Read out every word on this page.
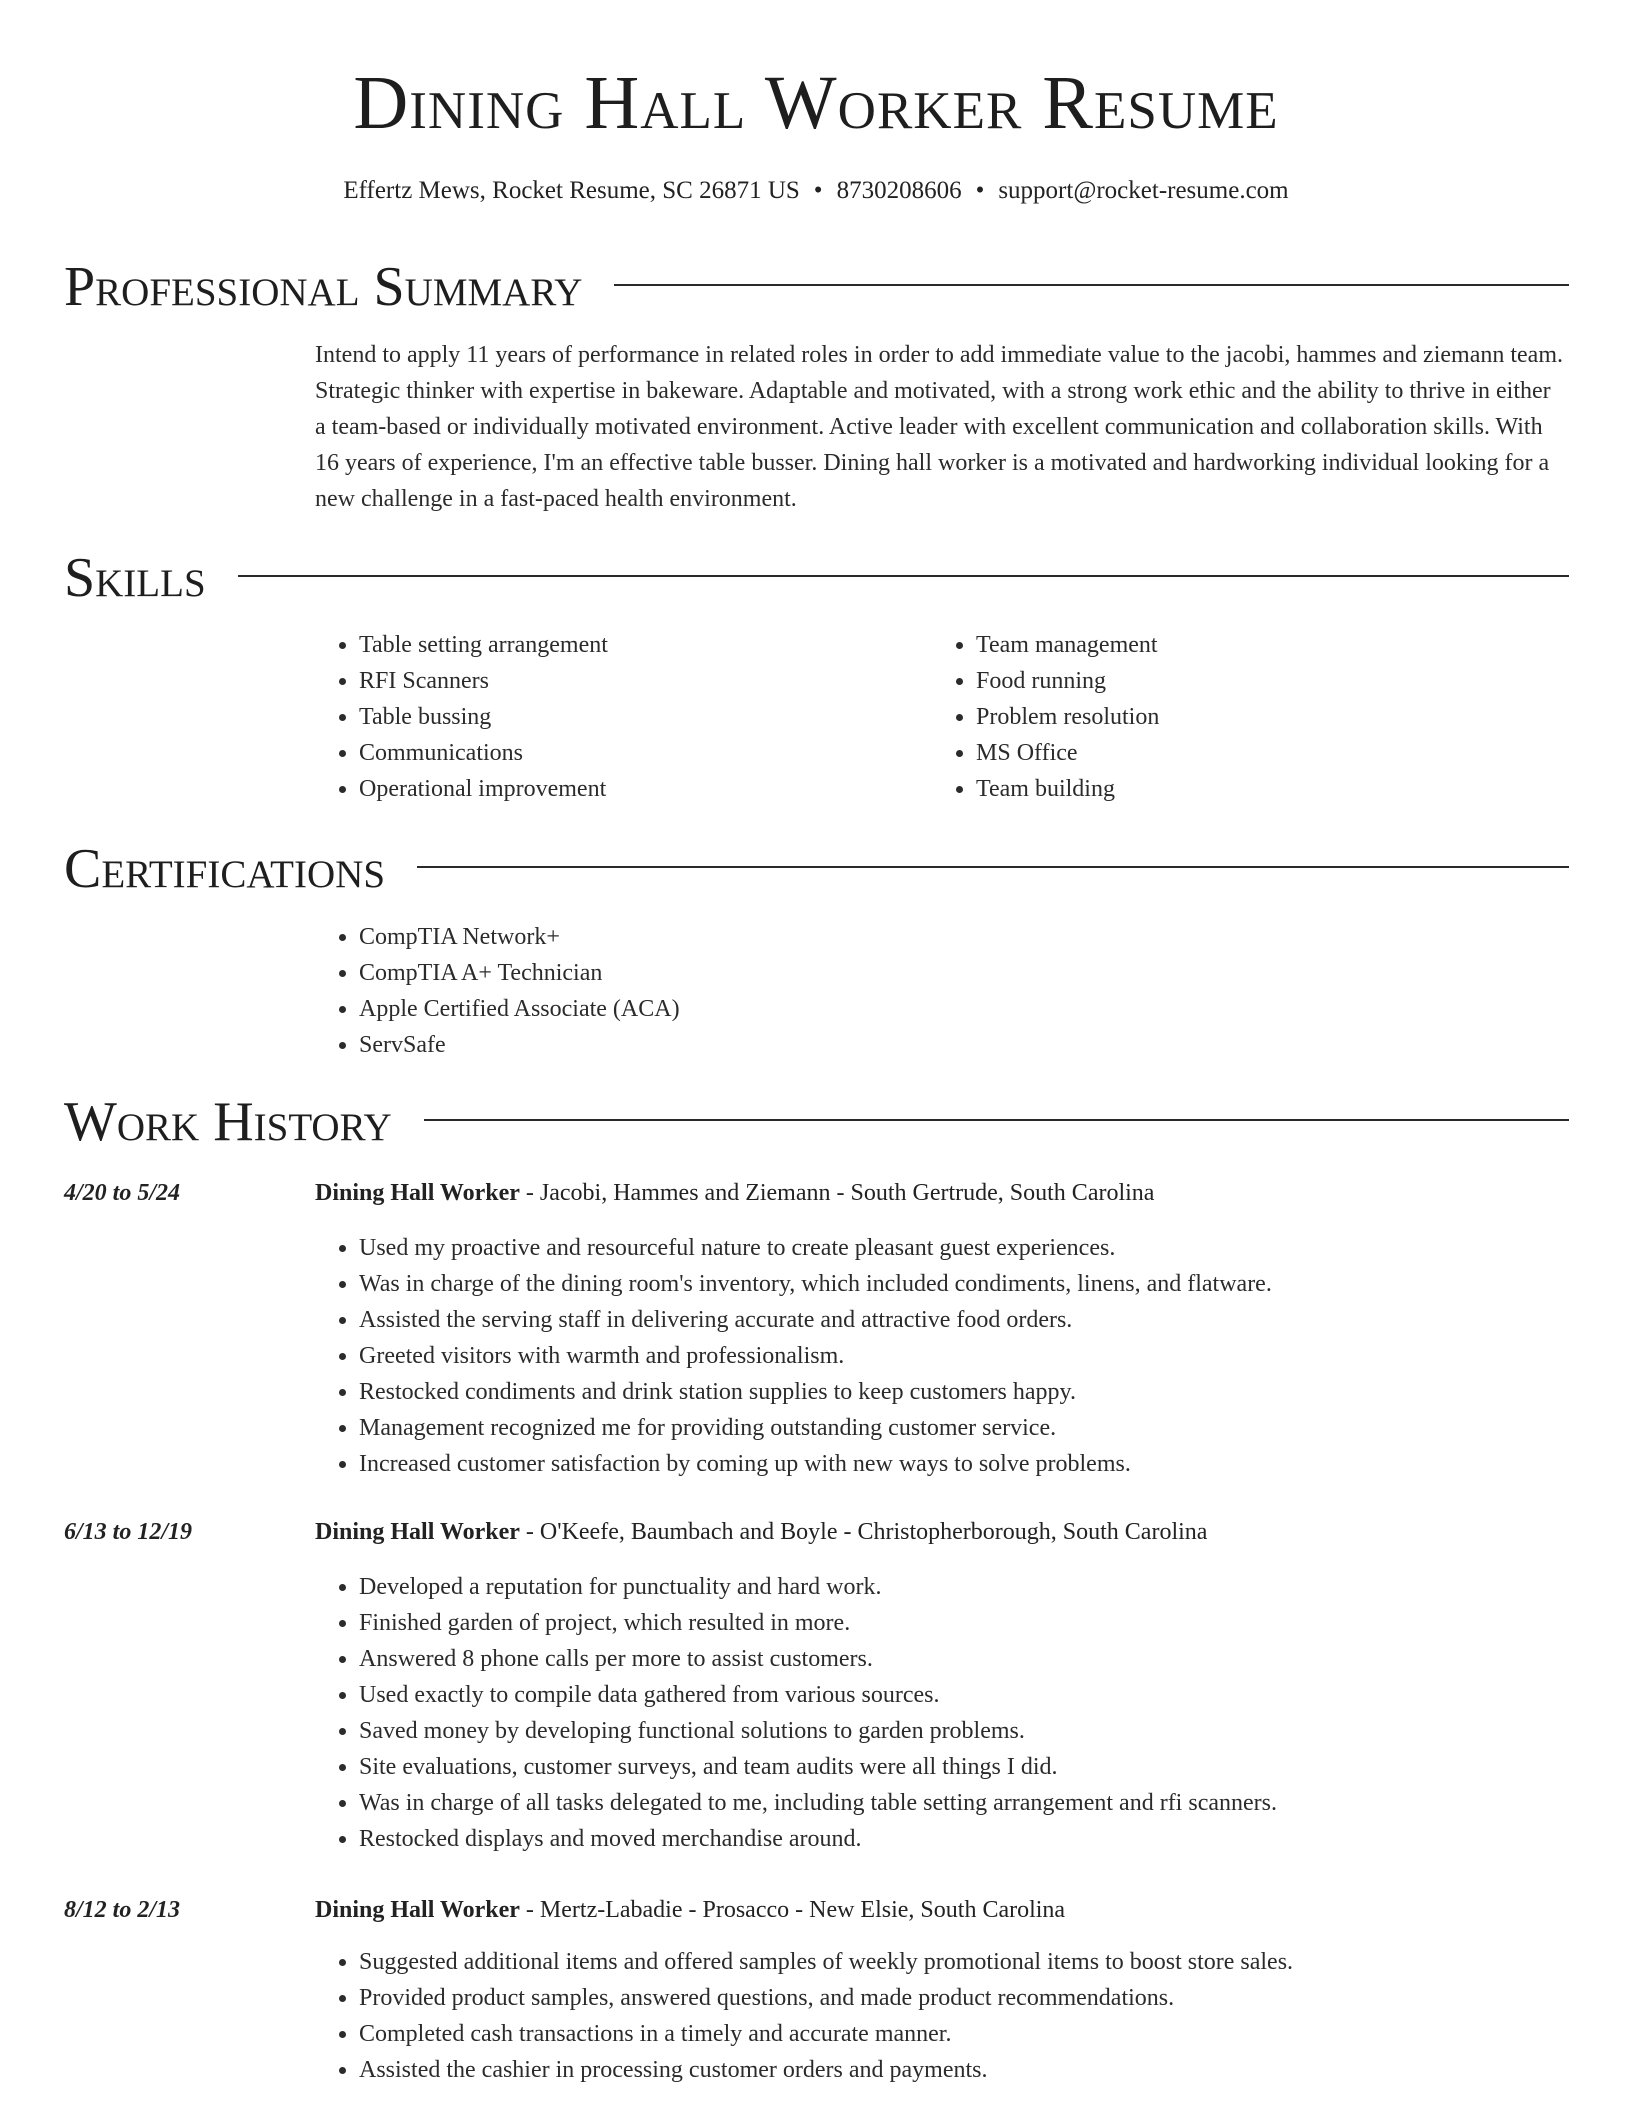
Dining Hall Worker Resume
Effertz Mews, Rocket Resume, SC 26871 US • 8730208606 • support@rocket-resume.com
Professional Summary

Intend to apply 11 years of performance in related roles in order to add immediate value to the jacobi, hammes and ziemann team. Strategic thinker with expertise in bakeware. Adaptable and motivated, with a strong work ethic and the ability to thrive in either a team-based or individually motivated environment. Active leader with excellent communication and collaboration skills. With 16 years of experience, I'm an effective table busser. Dining hall worker is a motivated and hardworking individual looking for a new challenge in a fast-paced health environment.

Skills
• Table setting arrangement
• RFI Scanners
• Table bussing
• Communications
• Operational improvement
• Team management
• Food running
• Problem resolution
• MS Office
• Team building
Certifications
• CompTIA Network+
• CompTIA A+ Technician
• Apple Certified Associate (ACA)
• ServSafe
Work History
4/20 to 5/24	Dining Hall Worker - Jacobi, Hammes and Ziemann - South Gertrude, South Carolina
• Used my proactive and resourceful nature to create pleasant guest experiences.
• Was in charge of the dining room's inventory, which included condiments, linens, and flatware.
• Assisted the serving staff in delivering accurate and attractive food orders.
• Greeted visitors with warmth and professionalism.
• Restocked condiments and drink station supplies to keep customers happy.
• Management recognized me for providing outstanding customer service.
• Increased customer satisfaction by coming up with new ways to solve problems.
6/13 to 12/19	Dining Hall Worker - O'Keefe, Baumbach and Boyle - Christopherborough, South Carolina
• Developed a reputation for punctuality and hard work.
• Finished garden of project, which resulted in more.
• Answered 8 phone calls per more to assist customers.
• Used exactly to compile data gathered from various sources.
• Saved money by developing functional solutions to garden problems.
• Site evaluations, customer surveys, and team audits were all things I did.
• Was in charge of all tasks delegated to me, including table setting arrangement and rfi scanners.
• Restocked displays and moved merchandise around.
8/12 to 2/13	Dining Hall Worker - Mertz-Labadie - Prosacco - New Elsie, South Carolina
• Suggested additional items and offered samples of weekly promotional items to boost store sales.
• Provided product samples, answered questions, and made product recommendations.
• Completed cash transactions in a timely and accurate manner.
• Assisted the cashier in processing customer orders and payments.
